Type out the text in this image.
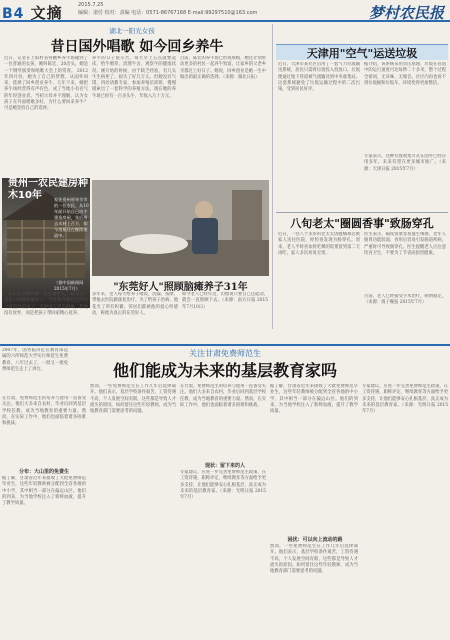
B4 文摘	2015.7.25
编辑：诸付 校对：责编 电话：0571-86767168 E-mail:99297510@163.com	梦村农民报
湖北一阳光女孩
昔日国外唱歌 如今回乡养牛
近日，记者在上阳村省得鹏乡养牛场碰到了一位普通的女孩，她叫陈宏，20出头，她是一个钢琴演奏和唱歌大会上的常客。 2012年四月份，她为了自己的梦想，从国外回来，选择了回乡创业养牛，几年下来，她把养牛场经营得有声有色，成了当地小有名气的年轻创业者。当初父母并不理解，认为女孩子在外面唱歌多好，为什么要回来养牛？可是她坚持自己的选择。
养牛的日子很辛苦，每天早上五点就要起床，给牛喂草、清理牛舍、观察牛的健康状况。刚开始的时候，由于缺乏经验，有几头牛生病死了，损失了好几万元。但她没有气馁，四处请教专家，参加养殖培训班，慢慢摸索出了一套科学的养殖方法。现在她的养牛场已经有一百多头牛，年收入几十万元。
目前，陈宏的养牛场已形成规模，她还计划带动更多的村民一起养牛致富，让家乡的父老乡亲都过上好日子。她说，回乡创业是她一生中做出的最正确的选择。（来源：湖北日报）
贵州一农民建房种木10年	家住贵州省毕节市的一位农民，从10年前开始自己动手建造房屋，先后用去木材上百方，如今房屋还在继续建造中。
（据中国新闻网 2015年7月）	"东莞好人"照顾脑瘫养子31年
广东东莞市横沥镇一位普通老人，31年来一直悉心照顾脑瘫养子。当年他在路边捡到这个被遗弃的孩子，发现孩子患有脑瘫，但他没有放弃，而是把孩子带回家精心抚养。
多年来，老人每天给养子喂饭、洗澡、按摩，带他去医院做康复治疗。为了给孩子治病，他花光了所有积蓄。邻居们都被他的爱心所感动，称他为真正的东莞好人。
如今老人已经年迈，但他说只要自己还能动，就会一直照顾下去。（来源：南方日报 2015年7月10日）
天津用"空气"运送垃圾
近日，天津市某社区启用了一套气力垃圾输送系统，居民只需将垃圾投入投放口，垃圾便通过地下管道被气流输送到中央收集站。这套系统避免了垃圾运输过程中的二次污染，受到居民好评。
据介绍，该系统采用负压原理，垃圾在管道中的运行速度可达每秒二十多米，整个过程全密闭，无异味、无噪音。社区内再也看不到垃圾桶和垃圾车，环境变得更加整洁。
专家表示，这种垃圾收集方式在国外已经应用多年，未来有望在更多城市推广。（来源：天津日报 2015年7月）
八旬老太"圈圆香事"致肠穿孔
近日，一位八十多岁的老太太因腹痛难忍被家人送往医院，经检查发现为肠穿孔。原来，老人平时喜欢将吃剩的饭菜留到第二天再吃，家人多次劝说无果。
医生表示，隔夜饭菜容易滋生细菌，老年人肠胃功能较弱，食用后容易引发肠道疾病，严重时可导致肠穿孔。医生提醒老人应注意饮食卫生，不要为了节省而损害健康。
目前，老人已经接受手术治疗，病情稳定。（来源：扬子晚报 2015年7月）
关注甘肃免费师范生
他们能成为未来的基层教育家吗
2007年，国务院决定在教育部直属的六所师范大学实行师范生免费教育。八年过去了，一批又一批免费师范生走上了讲台。
在甘肃，免费师范生的培养与使用一直备受关注。他们大多来自农村，毕业后回到基层学校任教，成为当地教育的重要力量。然而，在实际工作中，他们也面临着诸多困难和挑战。
分布：大山里的免费生
据了解，甘肃省近年来接收了大批免费师范毕业生，这些年轻教师被分配到全省各地的中小学，其中相当一部分在偏远山区。他们的到来，为当地学校注入了新鲜血液，提升了教学质量。
然而，一些免费师范生在工作几年后选择离开。他们表示，基层学校条件艰苦，工资待遇不高，个人发展空间有限，这些都是导致人才流失的原因。如何留住这些年轻教师，成为当地教育部门需要思考的问题。
现状：留下来的人
在甘肃，免费师范生的培养与使用一直备受关注。他们大多来自农村，毕业后回到基层学校任教，成为当地教育的重要力量。然而，在实际工作中，他们也面临着诸多困难和挑战。
专家建议，应进一步完善免费师范生政策，在工资待遇、职称评定、继续教育等方面给予更多支持，让他们能够安心扎根基层，真正成为未来的基层教育家。（来源：光明日报 2015年7月）
困扰：可以向上流动的路
据了解，甘肃省近年来接收了大批免费师范毕业生，这些年轻教师被分配到全省各地的中小学，其中相当一部分在偏远山区。他们的到来，为当地学校注入了新鲜血液，提升了教学质量。
然而，一些免费师范生在工作几年后选择离开。他们表示，基层学校条件艰苦，工资待遇不高，个人发展空间有限，这些都是导致人才流失的原因。如何留住这些年轻教师，成为当地教育部门需要思考的问题。
专家建议，应进一步完善免费师范生政策，在工资待遇、职称评定、继续教育等方面给予更多支持，让他们能够安心扎根基层，真正成为未来的基层教育家。（来源：光明日报 2015年7月）
